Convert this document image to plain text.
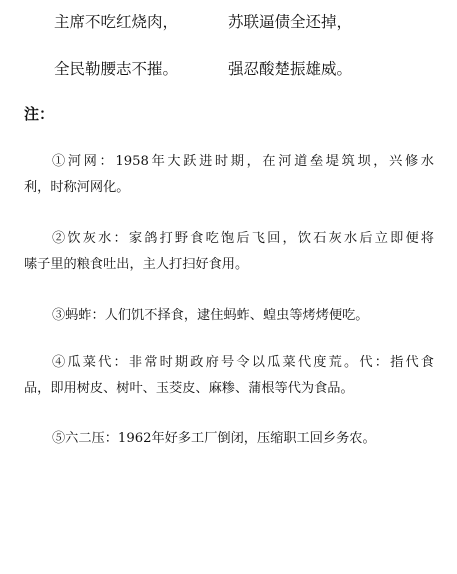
主席不吃红烧肉，	苏联逼债全还掉，
全民勒腰志不摧。	强忍酸楚振雄威。
注：
①河网：1958年大跃进时期，在河道垒堤筑坝，兴修水
利，时称河网化。
②饮灰水：家鸽打野食吃饱后飞回，饮石灰水后立即便将
嗉子里的粮食吐出，主人打扫好食用。
③蚂蚱：人们饥不择食，逮住蚂蚱、蝗虫等烤烤便吃。
④瓜菜代：非常时期政府号令以瓜菜代度荒。代：指代食
品，即用树皮、树叶、玉茭皮、麻糁、蒲根等代为食品。
⑤六二压：1962年好多工厂倒闭，压缩职工回乡务农。
